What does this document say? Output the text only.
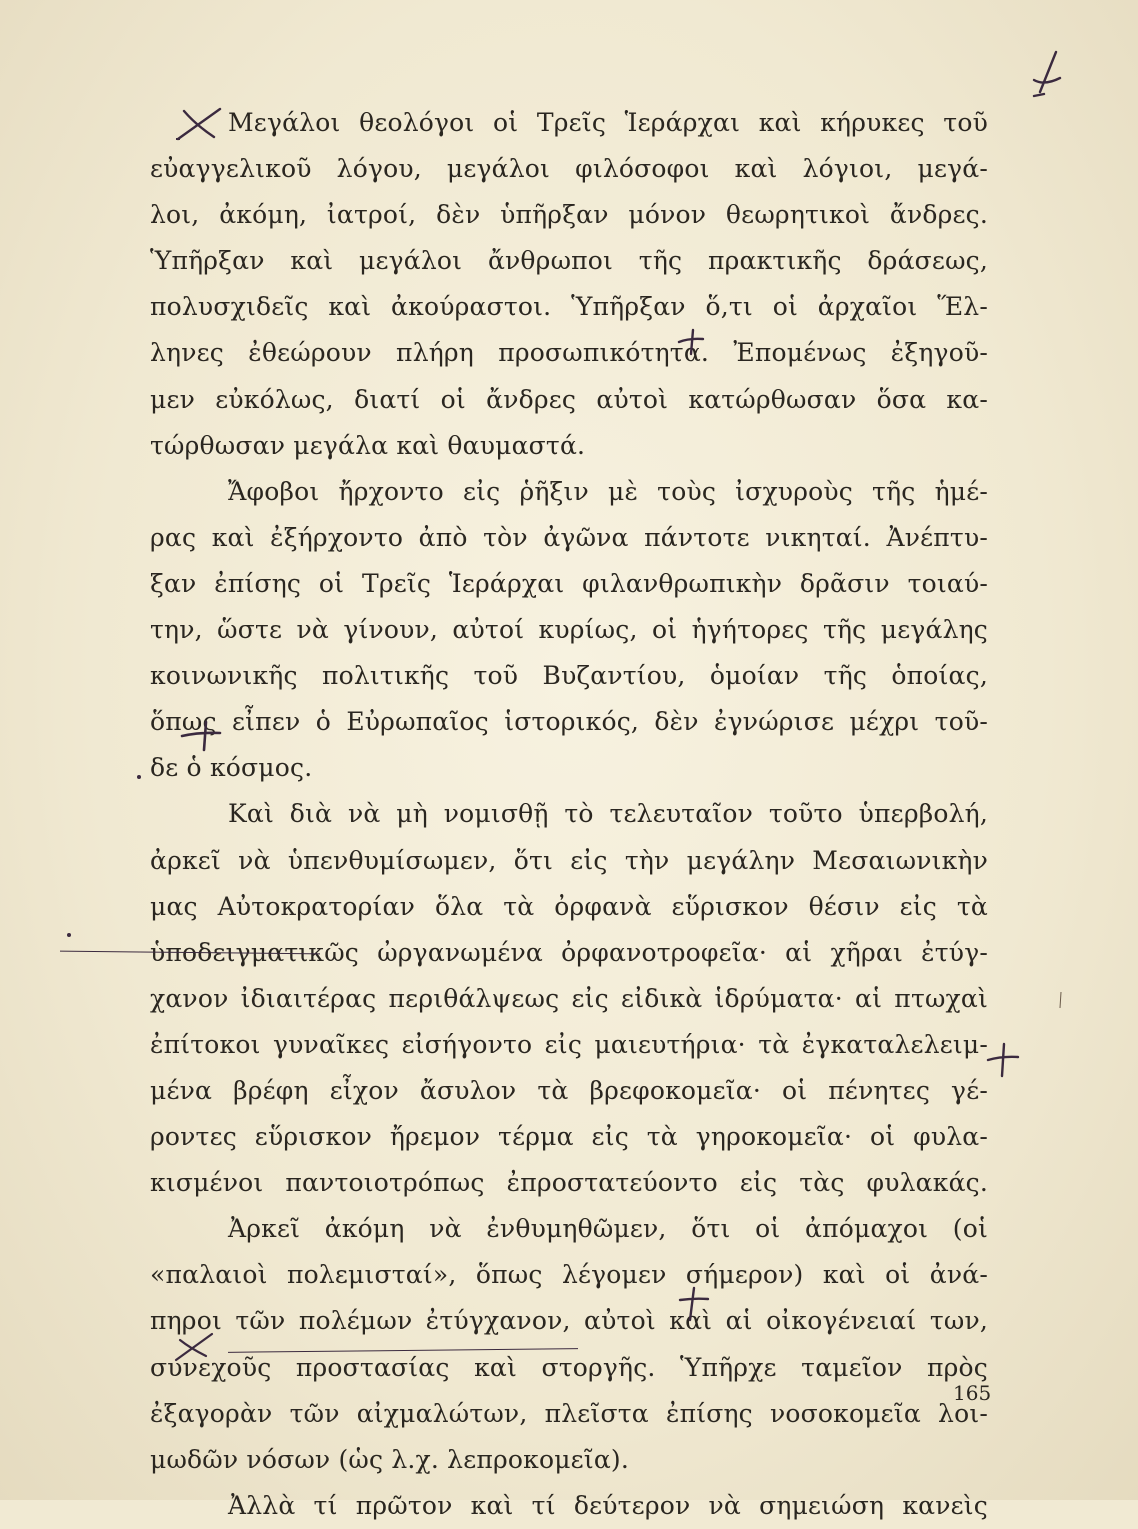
Μεγάλοι θεολόγοι οἱ Τρεῖς Ἱεράρχαι καὶ κήρυκες τοῦ
εὐαγγελικοῦ λόγου, μεγάλοι φιλόσοφοι καὶ λόγιοι, μεγά-
λοι, ἀκόμη, ἰατροί, δὲν ὑπῆρξαν μόνον θεωρητικοὶ ἄνδρες.
Ὑπῆρξαν καὶ μεγάλοι ἄνθρωποι τῆς πρακτικῆς δράσεως,
πολυσχιδεῖς καὶ ἀκούραστοι. Ὑπῆρξαν ὅ,τι οἱ ἀρχαῖοι Ἕλ-
ληνες ἐθεώρουν πλήρη προσωπικότητα. Ἐπομένως ἐξηγοῦ-
μεν εὐκόλως, διατί οἱ ἄνδρες αὐτοὶ κατώρθωσαν ὅσα κα-
τώρθωσαν μεγάλα καὶ θαυμαστά.
Ἄφοβοι ἤρχοντο εἰς ῥῆξιν μὲ τοὺς ἰσχυροὺς τῆς ἡμέ-
ρας καὶ ἐξήρχοντο ἀπὸ τὸν ἀγῶνα πάντοτε νικηταί. Ἀνέπτυ-
ξαν ἐπίσης οἱ Τρεῖς Ἱεράρχαι φιλανθρωπικὴν δρᾶσιν τοιαύ-
την, ὥστε νὰ γίνουν, αὐτοί κυρίως, οἱ ἡγήτορες τῆς μεγάλης
κοινωνικῆς πολιτικῆς τοῦ Βυζαντίου, ὁμοίαν τῆς ὁποίας,
ὅπως εἶπεν ὁ Εὐρωπαῖος ἱστορικός, δὲν ἐγνώρισε μέχρι τοῦ-
δε ὁ κόσμος.
Καὶ διὰ νὰ μὴ νομισθῇ τὸ τελευταῖον τοῦτο ὑπερβολή,
ἀρκεῖ νὰ ὑπενθυμίσωμεν, ὅτι εἰς τὴν μεγάλην Μεσαιωνικὴν
μας Αὐτοκρατορίαν ὅλα τὰ ὀρφανὰ εὕρισκον θέσιν εἰς τὰ
ὑποδειγματικῶς ὠργανωμένα ὀρφανοτροφεῖα· αἱ χῆραι ἐτύγ-
χανον ἰδιαιτέρας περιθάλψεως εἰς εἰδικὰ ἱδρύματα· αἱ πτωχαὶ
ἐπίτοκοι γυναῖκες εἰσήγοντο εἰς μαιευτήρια· τὰ ἐγκαταλελειμ-
μένα βρέφη εἶχον ἄσυλον τὰ βρεφοκομεῖα· οἱ πένητες γέ-
ροντες εὕρισκον ἤρεμον τέρμα εἰς τὰ γηροκομεῖα· οἱ φυλα-
κισμένοι παντοιοτρόπως ἐπροστατεύοντο εἰς τὰς φυλακάς.
Ἀρκεῖ ἀκόμη νὰ ἐνθυμηθῶμεν, ὅτι οἱ ἀπόμαχοι (οἱ
«παλαιοὶ πολεμισταί», ὅπως λέγομεν σήμερον) καὶ οἱ ἀνά-
πηροι τῶν πολέμων ἐτύγχανον, αὐτοὶ καὶ αἱ οἰκογένειαί των,
συνεχοῦς προστασίας καὶ στοργῆς. Ὑπῆρχε ταμεῖον πρὸς
ἐξαγορὰν τῶν αἰχμαλώτων, πλεῖστα ἐπίσης νοσοκομεῖα λοι-
μωδῶν νόσων (ὡς λ.χ. λεπροκομεῖα).
Ἀλλὰ τί πρῶτον καὶ τί δεύτερον νὰ σημειώση κανεὶς
165
